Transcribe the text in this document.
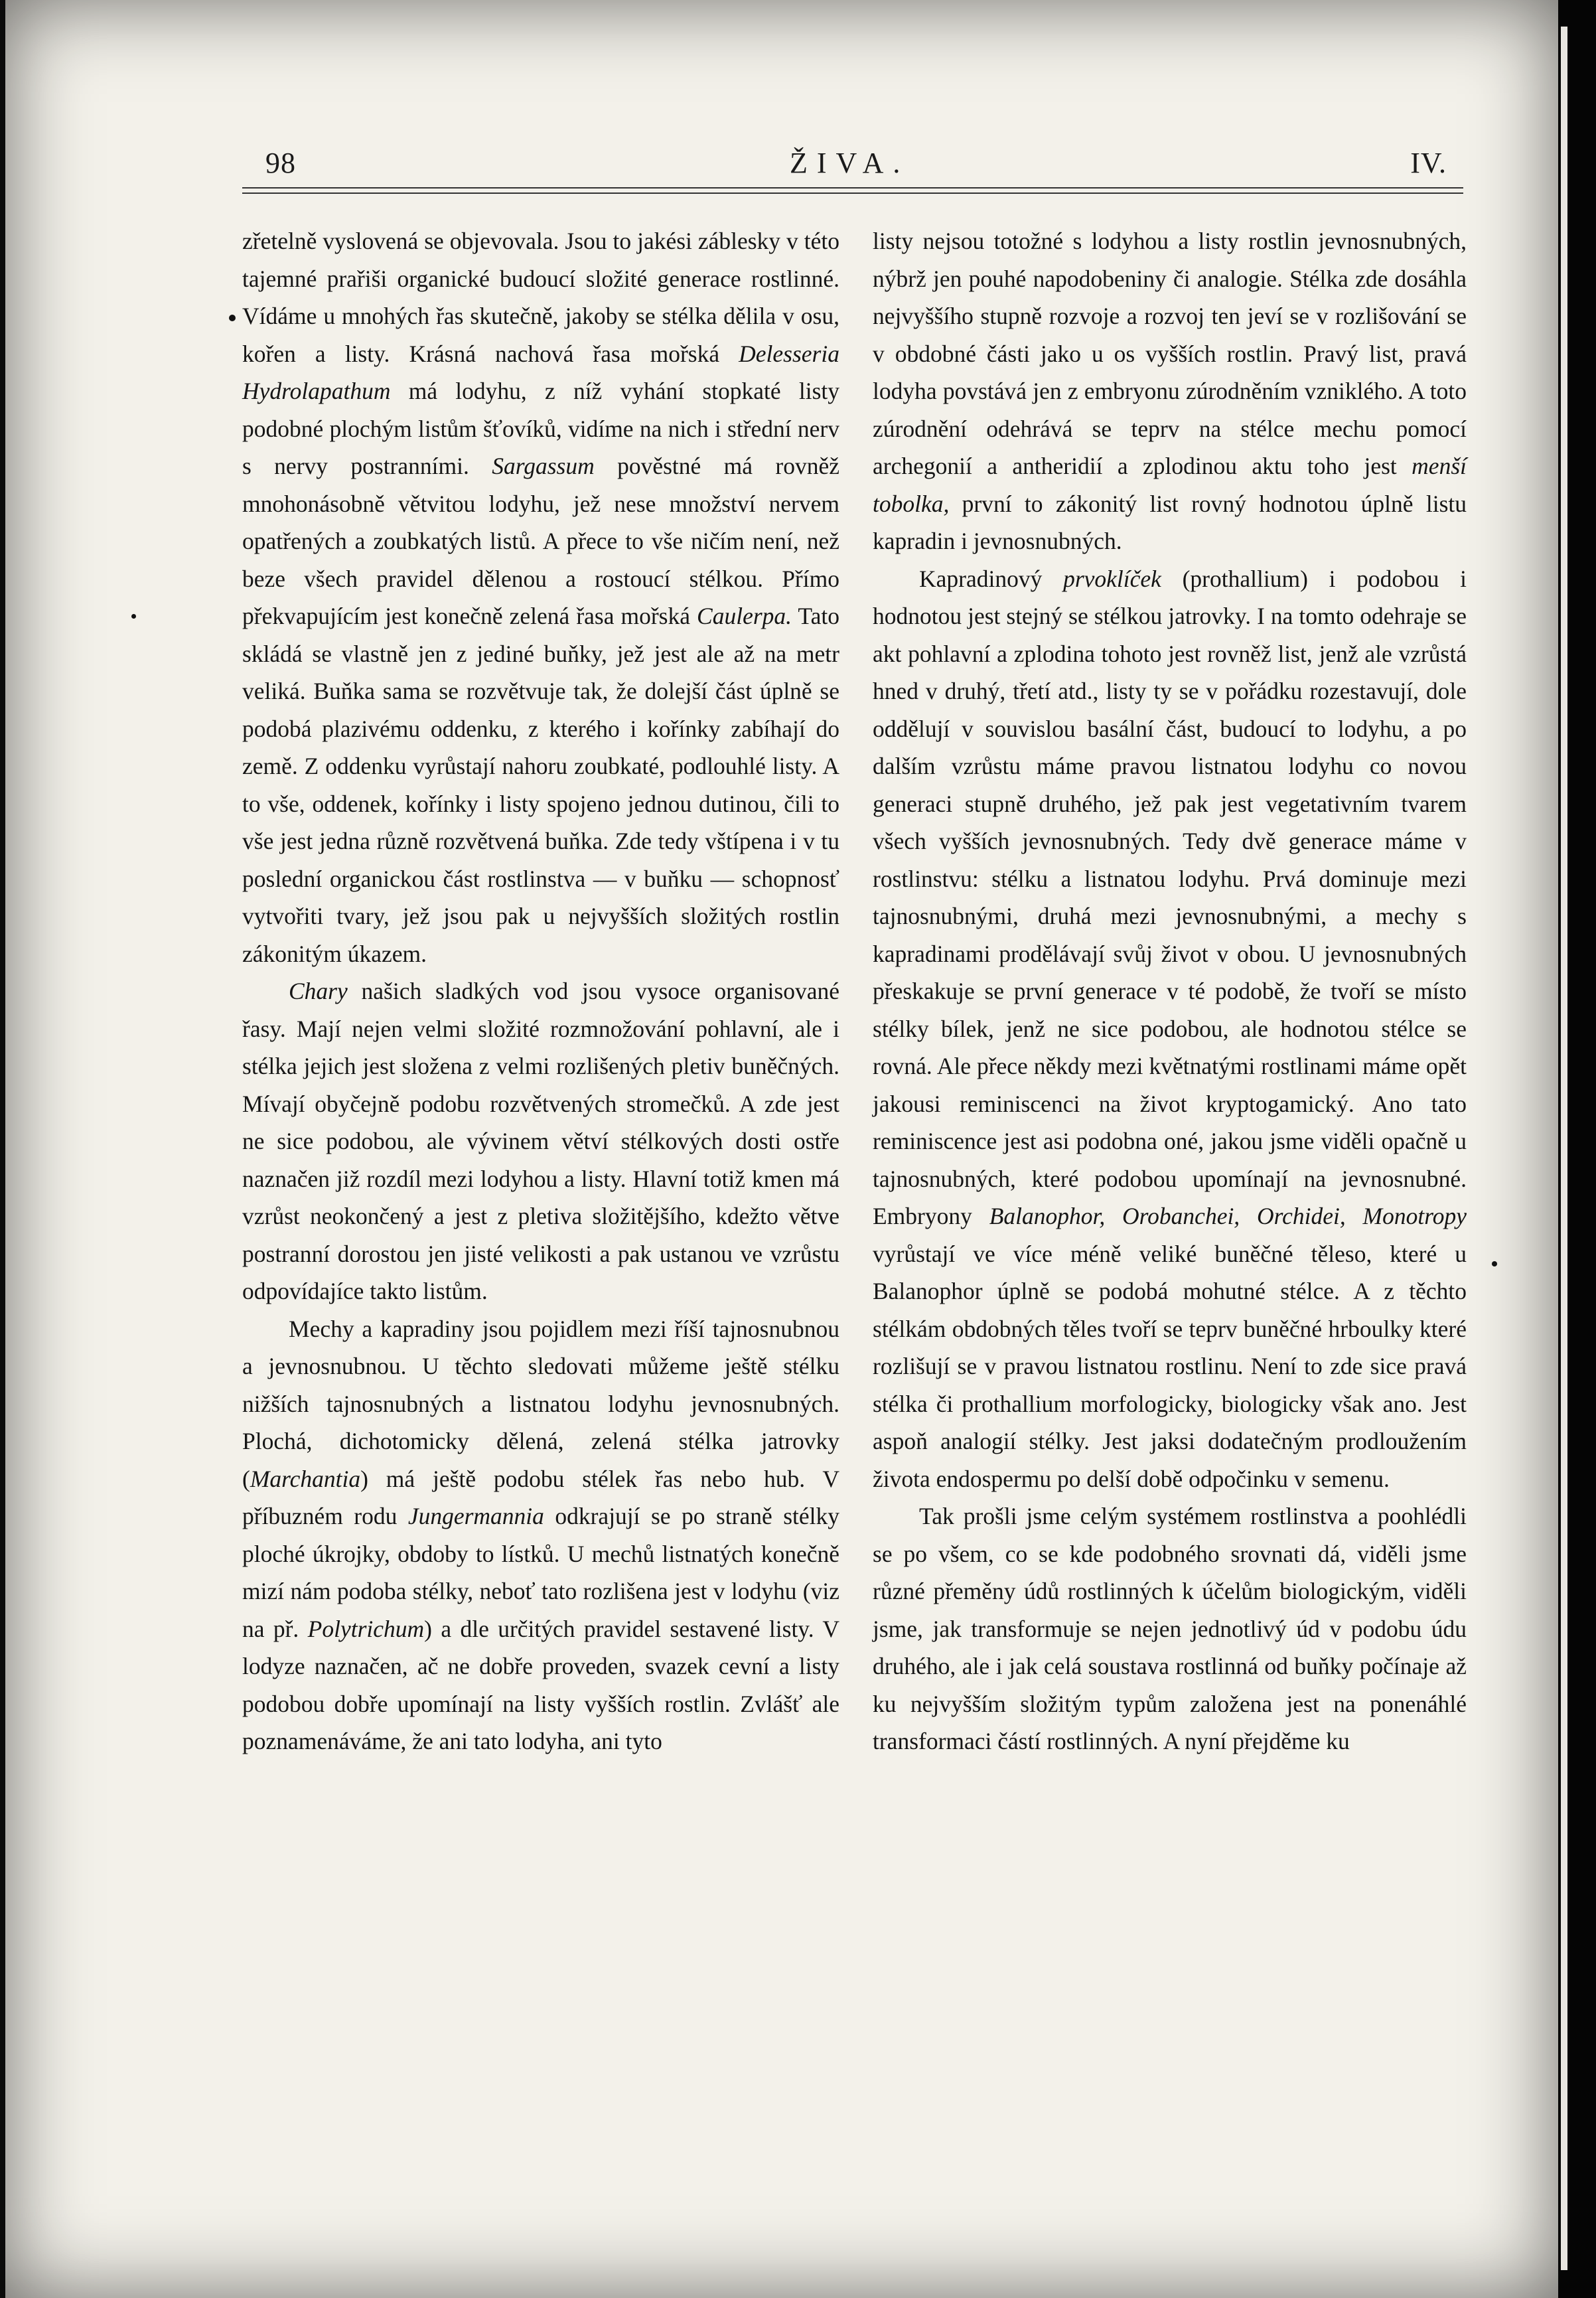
98	ŽIVA.	IV.

zřetelně vyslovená se objevovala. Jsou to jakési záblesky v této tajemné prařiši organické budoucí složité generace rostlinné. Vídáme u mnohých řas skutečně, jakoby se stélka dělila v osu, kořen a listy. Krásná nachová řasa mořská Delesseria Hydrolapathum má lodyhu, z níž vyhání stopkaté listy podobné plochým listům šťovíků, vidíme na nich i střední nerv s nervy postranními. Sargassum pověstné má rovněž mnohonásobně větvitou lodyhu, jež nese množství nervem opatřených a zoubkatých listů. A přece to vše ničím není, než beze všech pravidel dělenou a rostoucí stélkou. Přímo překvapujícím jest konečně zelená řasa mořská Caulerpa. Tato skládá se vlastně jen z jediné buňky, jež jest ale až na metr veliká. Buňka sama se rozvětvuje tak, že dolejší část úplně se podobá plazivému oddenku, z kterého i kořínky zabíhají do země. Z oddenku vyrůstají nahoru zoubkaté, podlouhlé listy. A to vše, oddenek, kořínky i listy spojeno jednou dutinou, čili to vše jest jedna různě rozvětvená buňka. Zde tedy vštípena i v tu poslední organickou část rostlinstva — v buňku — schopnosť vytvořiti tvary, jež jsou pak u nejvyšších složitých rostlin zákonitým úkazem.

Chary našich sladkých vod jsou vysoce organisované řasy. Mají nejen velmi složité rozmnožování pohlavní, ale i stélka jejich jest složena z velmi rozlišených pletiv buněčných. Mívají obyčejně podobu rozvětvených stromečků. A zde jest ne sice podobou, ale vývinem větví stélkových dosti ostře naznačen již rozdíl mezi lodyhou a listy. Hlavní totiž kmen má vzrůst neokončený a jest z pletiva složitějšího, kdežto větve postranní dorostou jen jisté velikosti a pak ustanou ve vzrůstu odpovídajíce takto listům.

Mechy a kapradiny jsou pojidlem mezi říší tajnosnubnou a jevnosnubnou. U těchto sledovati můžeme ještě stélku nižších tajnosnubných a listnatou lodyhu jevnosnubných. Plochá, dichotomicky dělená, zelená stélka jatrovky (Marchantia) má ještě podobu stélek řas nebo hub. V příbuzném rodu Jungermannia odkrajují se po straně stélky ploché úkrojky, obdoby to lístků. U mechů listnatých konečně mizí nám podoba stélky, neboť tato rozlišena jest v lodyhu (viz na př. Polytrichum) a dle určitých pravidel sestavené listy. V lodyze naznačen, ač ne dobře proveden, svazek cevní a listy podobou dobře upomínají na listy vyšších rostlin. Zvlášť ale poznamenáváme, že ani tato lodyha, ani tyto

listy nejsou totožné s lodyhou a listy rostlin jevnosnubných, nýbrž jen pouhé napodobeniny či analogie. Stélka zde dosáhla nejvyššího stupně rozvoje a rozvoj ten jeví se v rozlišování se v obdobné části jako u os vyšších rostlin. Pravý list, pravá lodyha povstává jen z embryonu zúrodněním vzniklého. A toto zúrodnění odehrává se teprv na stélce mechu pomocí archegonií a antheridií a zplodinou aktu toho jest menší tobolka, první to zákonitý list rovný hodnotou úplně listu kapradin i jevnosnubných.

Kapradinový prvoklíček (prothallium) i podobou i hodnotou jest stejný se stélkou jatrovky. I na tomto odehraje se akt pohlavní a zplodina tohoto jest rovněž list, jenž ale vzrůstá hned v druhý, třetí atd., listy ty se v pořádku rozestavují, dole oddělují v souvislou basální část, budoucí to lodyhu, a po dalším vzrůstu máme pravou listnatou lodyhu co novou generaci stupně druhého, jež pak jest vegetativním tvarem všech vyšších jevnosnubných. Tedy dvě generace máme v rostlinstvu: stélku a listnatou lodyhu. Prvá dominuje mezi tajnosnubnými, druhá mezi jevnosnubnými, a mechy s kapradinami prodělávají svůj život v obou. U jevnosnubných přeskakuje se první generace v té podobě, že tvoří se místo stélky bílek, jenž ne sice podobou, ale hodnotou stélce se rovná. Ale přece někdy mezi květnatými rostlinami máme opět jakousi reminiscenci na život kryptogamický. Ano tato reminiscence jest asi podobna oné, jakou jsme viděli opačně u tajnosnubných, které podobou upomínají na jevnosnubné. Embryony Balanophor, Orobanchei, Orchidei, Monotropy vyrůstají ve více méně veliké buněčné těleso, které u Balanophor úplně se podobá mohutné stélce. A z těchto stélkám obdobných těles tvoří se teprv buněčné hrboulky které rozlišují se v pravou listnatou rostlinu. Není to zde sice pravá stélka či prothallium morfologicky, biologicky však ano. Jest aspoň analogií stélky. Jest jaksi dodatečným prodloužením života endospermu po delší době odpočinku v semenu.

Tak prošli jsme celým systémem rostlinstva a poohlédli se po všem, co se kde podobného srovnati dá, viděli jsme různé přeměny údů rostlinných k účelům biologickým, viděli jsme, jak transformuje se nejen jednotlivý úd v podobu údu druhého, ale i jak celá soustava rostlinná od buňky počínaje až ku nejvyšším složitým typům založena jest na ponenáhlé transformaci částí rostlinných. A nyní přejděme ku
